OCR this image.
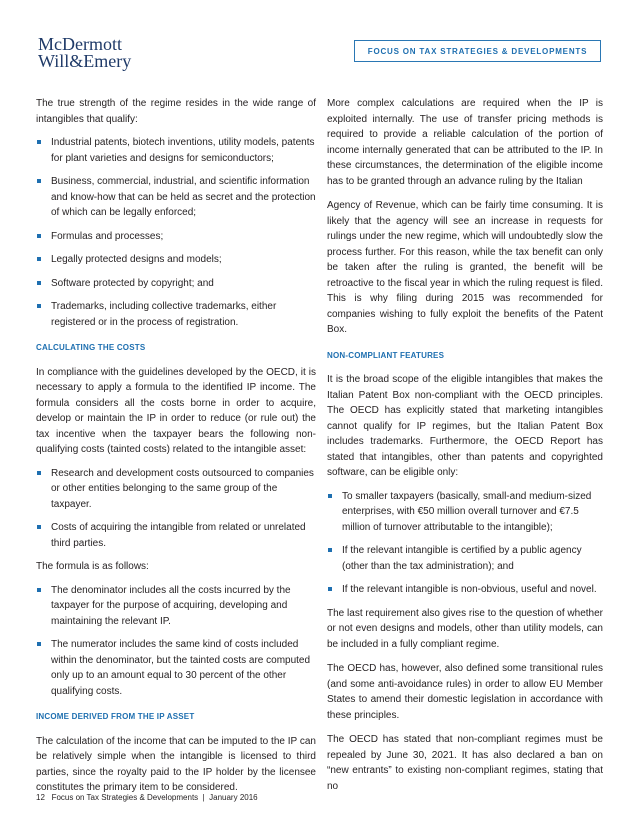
McDermott
Will&Emery	FOCUS ON TAX STRATEGIES & DEVELOPMENTS

The true strength of the regime resides in the wide range of intangibles that qualify:

Industrial patents, biotech inventions, utility models, patents for plant varieties and designs for semiconductors;
Business, commercial, industrial, and scientific information and know-how that can be held as secret and the protection of which can be legally enforced;
Formulas and processes;
Legally protected designs and models;
Software protected by copyright; and
Trademarks, including collective trademarks, either registered or in the process of registration.
CALCULATING THE COSTS

In compliance with the guidelines developed by the OECD, it is necessary to apply a formula to the identified IP income. The formula considers all the costs borne in order to acquire, develop or maintain the IP in order to reduce (or rule out) the tax incentive when the taxpayer bears the following non-qualifying costs (tainted costs) related to the intangible asset:

Research and development costs outsourced to companies or other entities belonging to the same group of the taxpayer.
Costs of acquiring the intangible from related or unrelated third parties.

The formula is as follows:

The denominator includes all the costs incurred by the taxpayer for the purpose of acquiring, developing and maintaining the relevant IP.
The numerator includes the same kind of costs included within the denominator, but the tainted costs are computed only up to an amount equal to 30 percent of the other qualifying costs.
INCOME DERIVED FROM THE IP ASSET

The calculation of the income that can be imputed to the IP can be relatively simple when the intangible is licensed to third parties, since the royalty paid to the IP holder by the licensee constitutes the primary item to be considered.

More complex calculations are required when the IP is exploited internally. The use of transfer pricing methods is required to provide a reliable calculation of the portion of income internally generated that can be attributed to the IP. In these circumstances, the determination of the eligible income has to be granted through an advance ruling by the Italian

Agency of Revenue, which can be fairly time consuming. It is likely that the agency will see an increase in requests for rulings under the new regime, which will undoubtedly slow the process further. For this reason, while the tax benefit can only be taken after the ruling is granted, the benefit will be retroactive to the fiscal year in which the ruling request is filed. This is why filing during 2015 was recommended for companies wishing to fully exploit the benefits of the Patent Box.

NON-COMPLIANT FEATURES

It is the broad scope of the eligible intangibles that makes the Italian Patent Box non-compliant with the OECD principles. The OECD has explicitly stated that marketing intangibles cannot qualify for IP regimes, but the Italian Patent Box includes trademarks. Furthermore, the OECD Report has stated that intangibles, other than patents and copyrighted software, can be eligible only:

To smaller taxpayers (basically, small-and medium-sized enterprises, with €50 million overall turnover and €7.5 million of turnover attributable to the intangible);
If the relevant intangible is certified by a public agency (other than the tax administration); and
If the relevant intangible is non-obvious, useful and novel.

The last requirement also gives rise to the question of whether or not even designs and models, other than utility models, can be included in a fully compliant regime.

The OECD has, however, also defined some transitional rules (and some anti-avoidance rules) in order to allow EU Member States to amend their domestic legislation in accordance with these principles.

The OECD has stated that non-compliant regimes must be repealed by June 30, 2021. It has also declared a ban on “new entrants” to existing non-compliant regimes, stating that no

12   Focus on Tax Strategies & Developments  |  January 2016
